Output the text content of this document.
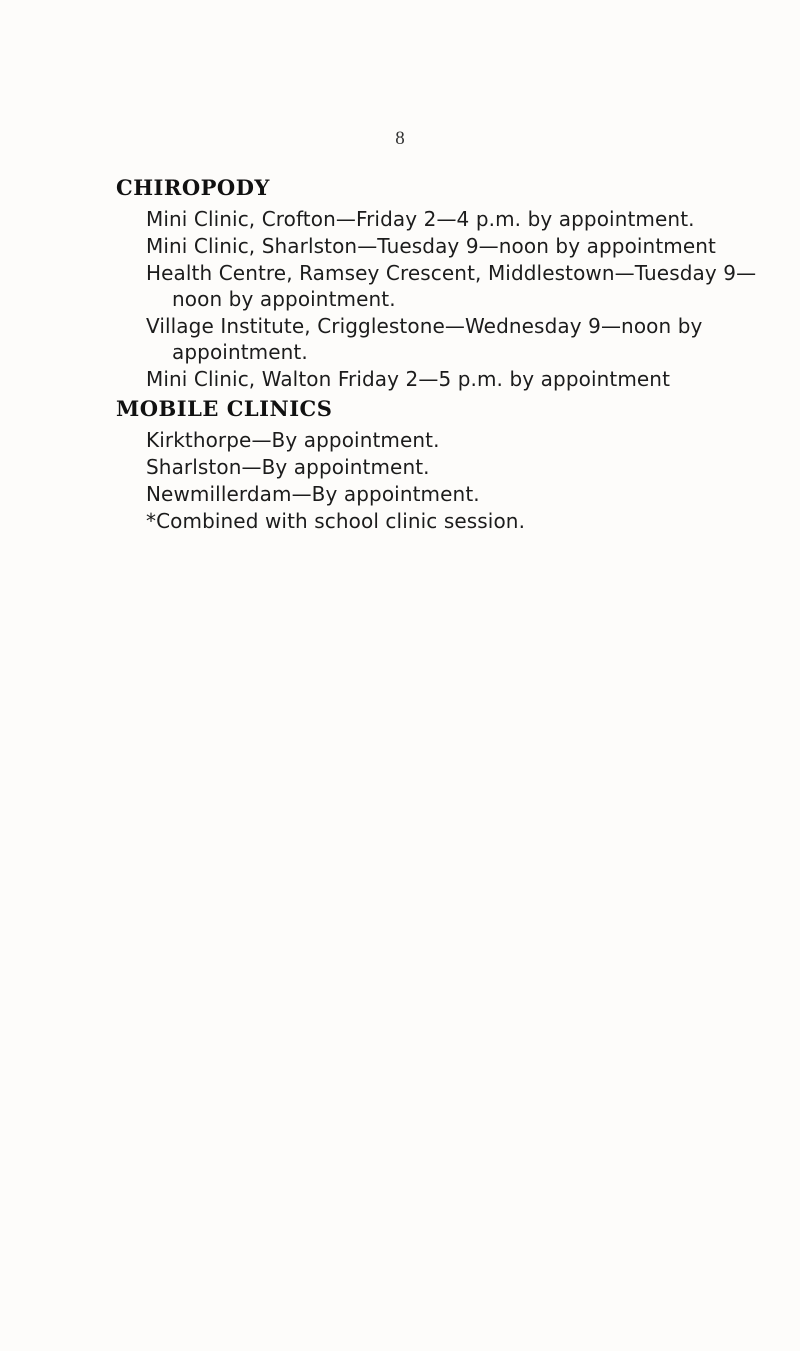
8
CHIROPODY
Mini Clinic, Crofton—Friday 2—4 p.m. by appointment.
Mini Clinic, Sharlston—Tuesday 9—noon by appointment
Health Centre, Ramsey Crescent, Middlestown—Tuesday 9—noon by appointment.
Village Institute, Crigglestone—Wednesday 9—noon by appointment.
Mini Clinic, Walton Friday 2—5 p.m. by appointment
MOBILE CLINICS
Kirkthorpe—By appointment.
Sharlston—By appointment.
Newmillerdam—By appointment.
*Combined with school clinic session.
